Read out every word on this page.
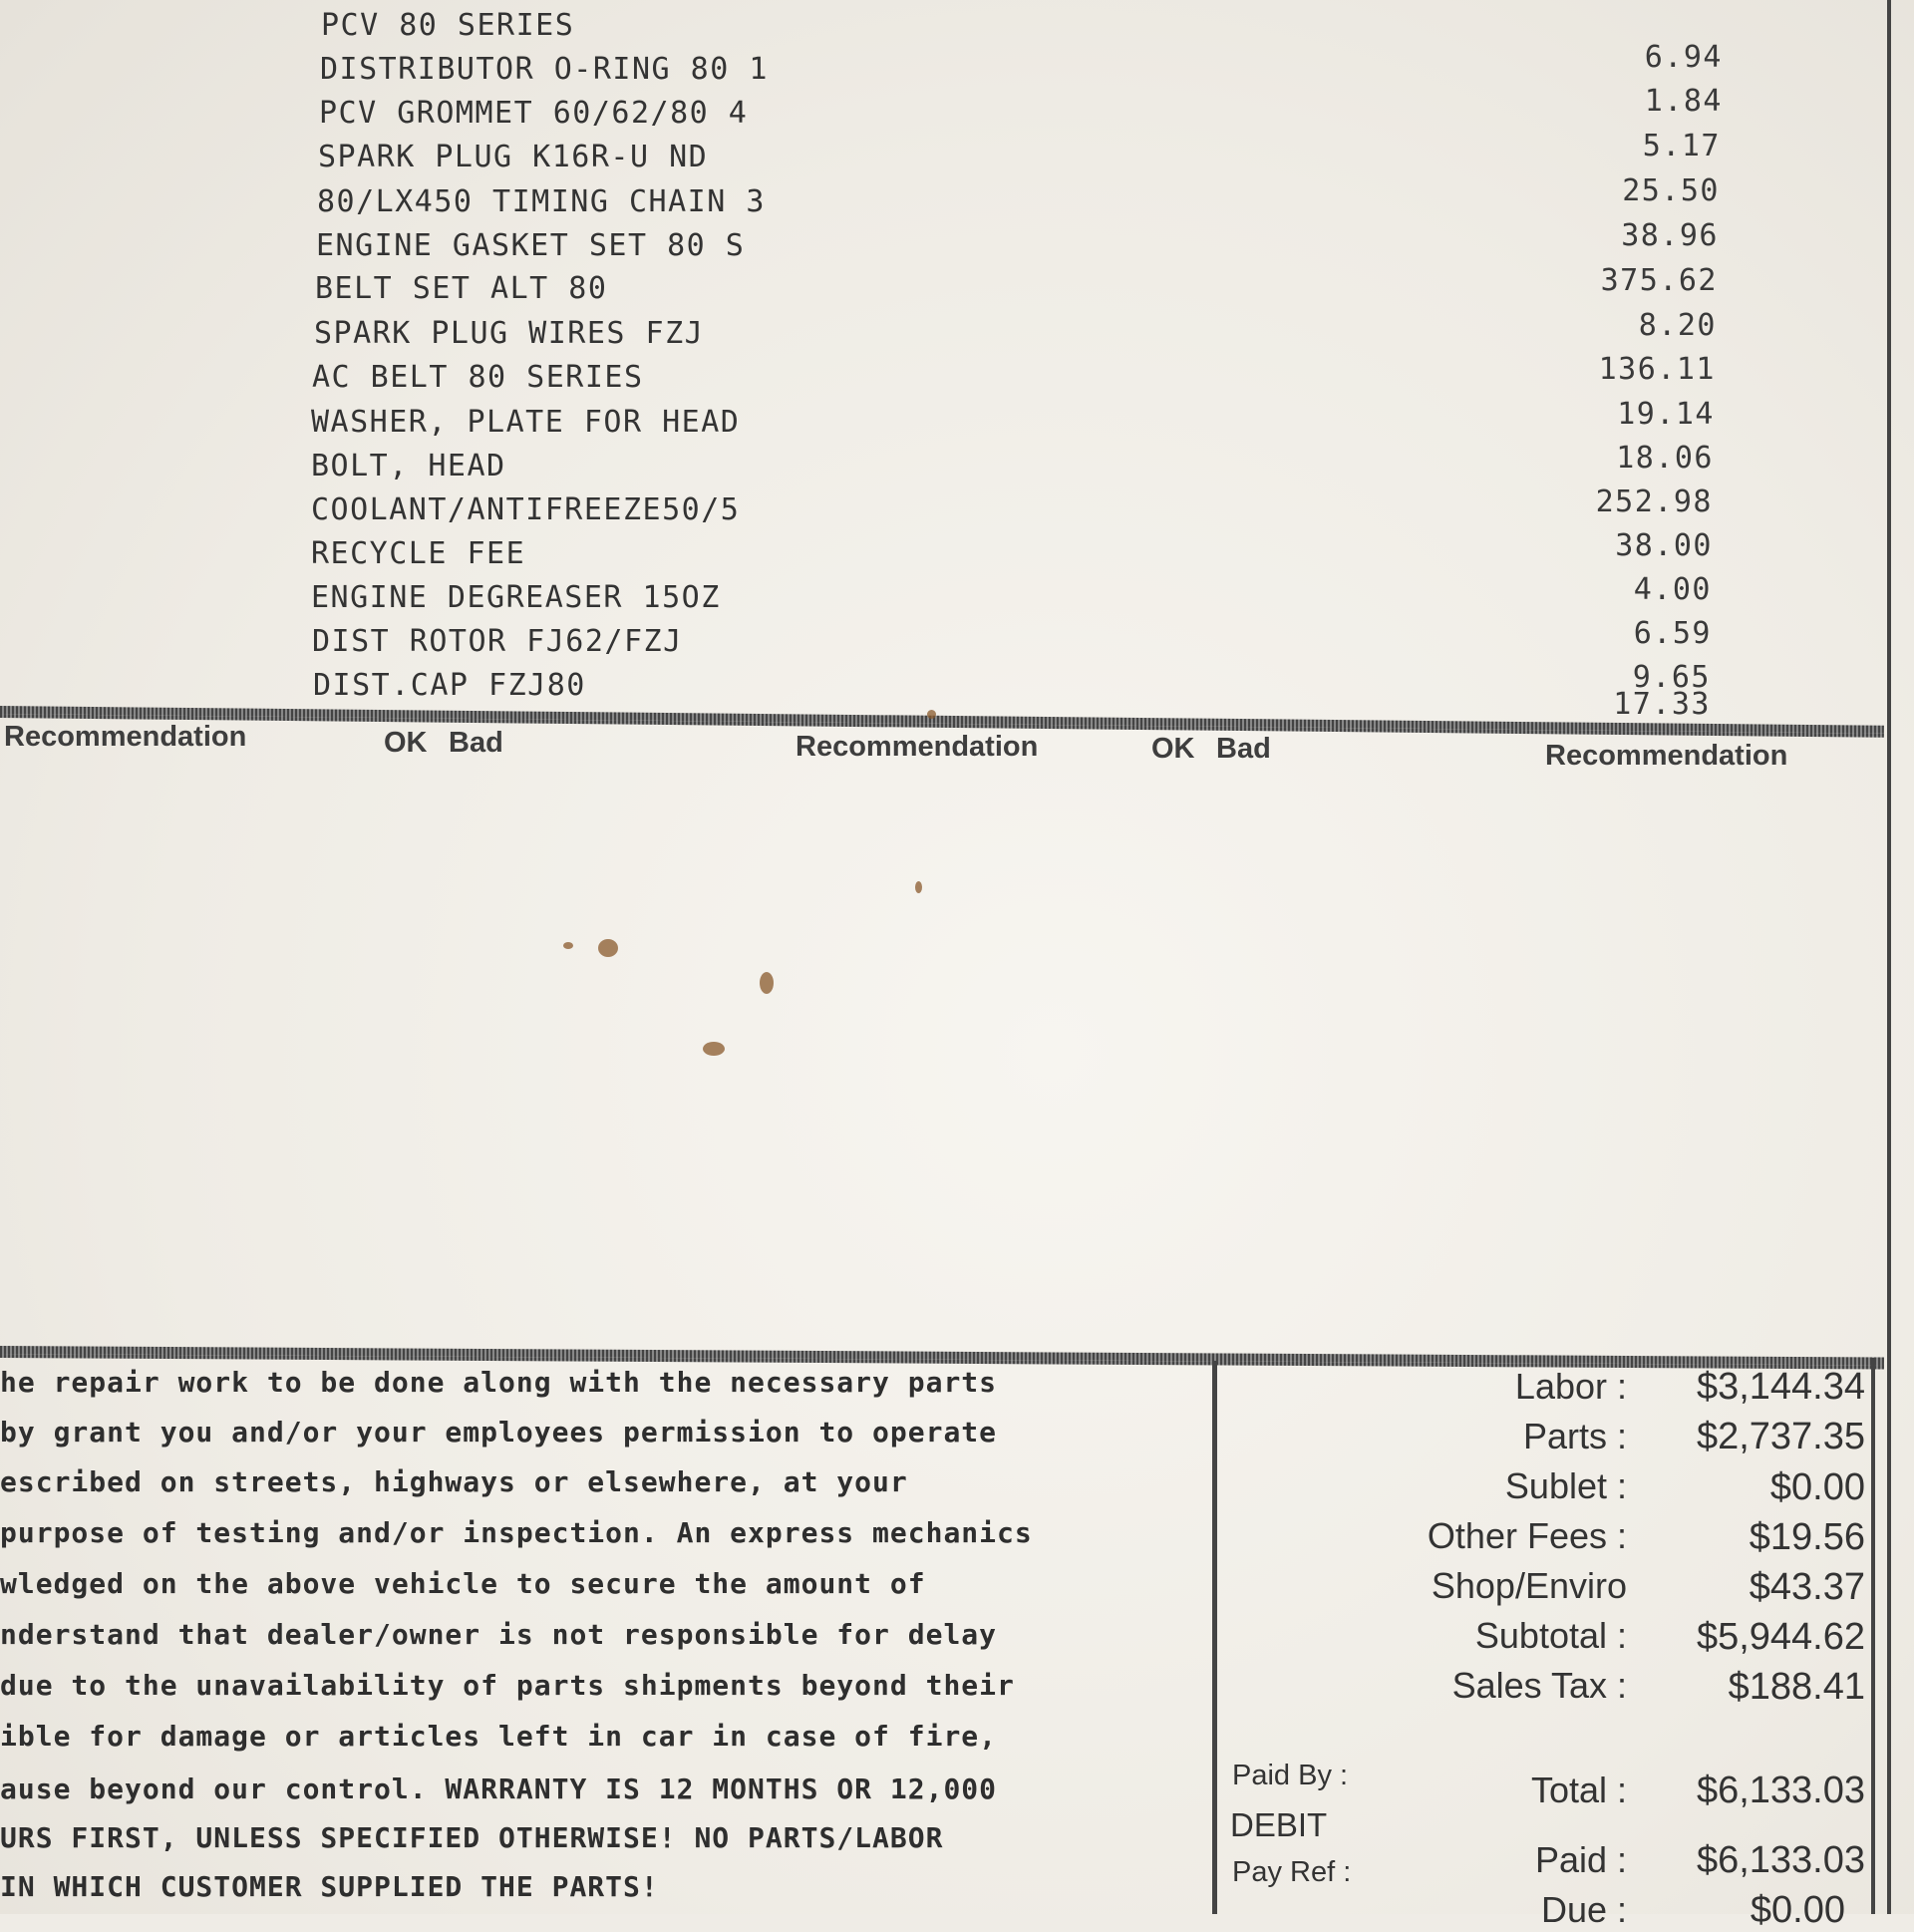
PCV 80 SERIES
DISTRIBUTOR O-RING 80 1	6.94
PCV GROMMET 60/62/80 4	1.84
SPARK PLUG K16R-U ND	5.17
80/LX450 TIMING CHAIN 3	25.50
ENGINE GASKET SET 80 S	38.96
BELT SET ALT 80	375.62
SPARK PLUG WIRES FZJ	8.20
AC BELT 80 SERIES	136.11
WASHER, PLATE FOR HEAD	19.14
BOLT, HEAD	18.06
COOLANT/ANTIFREEZE50/5	252.98
RECYCLE FEE	38.00
ENGINE DEGREASER 15OZ	4.00
DIST ROTOR FJ62/FZJ	6.59
DIST.CAP FZJ80	9.65
17.33
Recommendation	OK Bad	Recommendation	OK Bad	Recommendation
he repair work to be done along with the necessary parts
by grant you and/or your employees permission to operate
escribed on streets, highways or elsewhere, at your
purpose of testing and/or inspection. An express mechanics
wledged on the above vehicle to secure the amount of
nderstand that dealer/owner is not responsible for delay
due to the unavailability of parts shipments beyond their
ible for damage or articles left in car in case of fire,
ause beyond our control. WARRANTY IS 12 MONTHS OR 12,000
URS FIRST, UNLESS SPECIFIED OTHERWISE! NO PARTS/LABOR
IN WHICH CUSTOMER SUPPLIED THE PARTS!
Labor : $3,144.34
Parts : $2,737.35
Sublet :	$0.00
Other Fees :	$19.56
Shop/Enviro	$43.37
Subtotal : $5,944.62
Sales Tax :	$188.41
Paid By :
DEBIT
Pay Ref :
Total : $6,133.03
Paid : $6,133.03
Due :	$0.00
